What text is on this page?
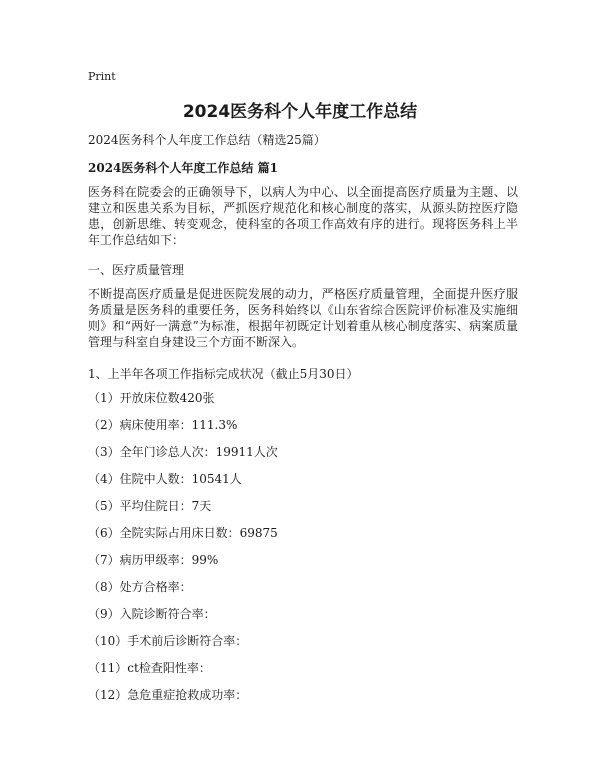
Print
2024医务科个人年度工作总结

2024医务科个人年度工作总结（精选25篇）

2024医务科个人年度工作总结 篇1

医务科在院委会的正确领导下，以病人为中心、以全面提高医疗质量为主题、以建立和医患关系为目标，严抓医疗规范化和核心制度的落实，从源头防控医疗隐患，创新思维、转变观念，使科室的各项工作高效有序的进行。现将医务科上半年工作总结如下：

一、医疗质量管理

不断提高医疗质量是促进医院发展的动力，严格医疗质量管理，全面提升医疗服务质量是医务科的重要任务，医务科始终以《山东省综合医院评价标准及实施细则》和“两好一满意”为标准，根据年初既定计划着重从核心制度落实、病案质量管理与科室自身建设三个方面不断深入。

1、上半年各项工作指标完成状况（截止5月30日）

（1）开放床位数420张
（2）病床使用率：111.3%
（3）全年门诊总人次：19911人次
（4）住院中人数：10541人
（5）平均住院日：7天
（6）全院实际占用床日数：69875
（7）病历甲级率：99%
（8）处方合格率：
（9）入院诊断符合率：
（10）手术前后诊断符合率：
（11）ct检查阳性率：
（12）急危重症抢救成功率：
